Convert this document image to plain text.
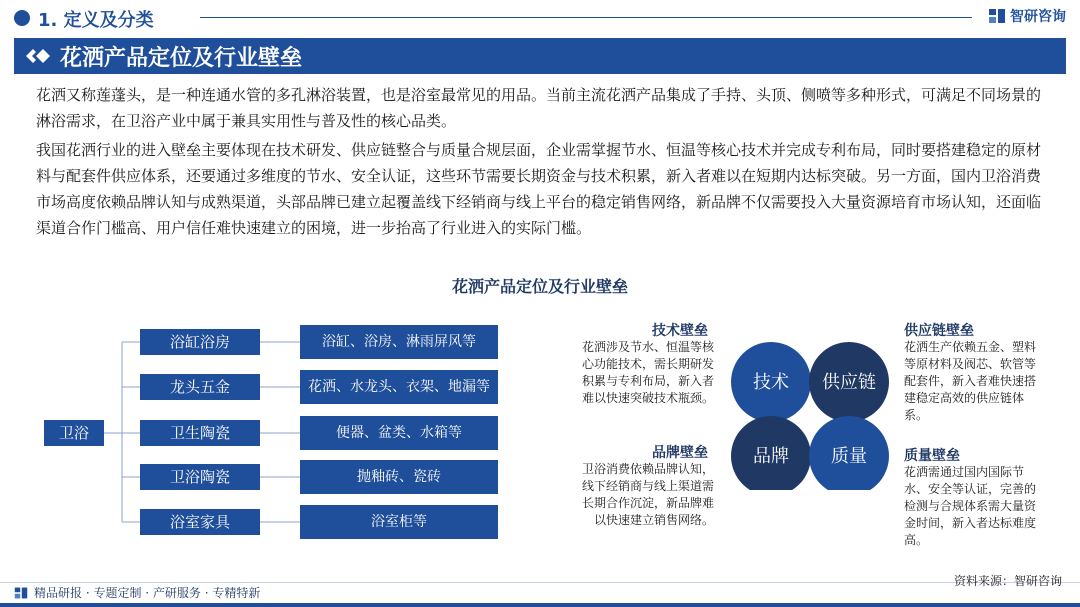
1. 定义及分类	智研咨询
花洒产品定位及行业壁垒

花洒又称莲蓬头，是一种连通水管的多孔淋浴装置，也是浴室最常见的用品。当前主流花洒产品集成了手持、头顶、侧喷等多种形式，可满足不同场景的淋浴需求，在卫浴产业中属于兼具实用性与普及性的核心品类。

我国花洒行业的进入壁垒主要体现在技术研发、供应链整合与质量合规层面，企业需掌握节水、恒温等核心技术并完成专利布局，同时要搭建稳定的原材料与配套件供应体系，还要通过多维度的节水、安全认证，这些环节需要长期资金与技术积累，新入者难以在短期内达标突破。另一方面，国内卫浴消费市场高度依赖品牌认知与成熟渠道，头部品牌已建立起覆盖线下经销商与线上平台的稳定销售网络，新品牌不仅需要投入大量资源培育市场认知，还面临渠道合作门槛高、用户信任难快速建立的困境，进一步抬高了行业进入的实际门槛。

花洒产品定位及行业壁垒
卫浴
浴缸浴房
龙头五金
卫生陶瓷
卫浴陶瓷
浴室家具
浴缸、浴房、淋雨屏风等
花洒、水龙头、衣架、地漏等
便器、盆类、水箱等
抛釉砖、瓷砖
浴室柜等
技术壁垒
花洒涉及节水、恒温等核心功能技术，需长期研发积累与专利布局，新入者难以快速突破技术瓶颈。
品牌壁垒
卫浴消费依赖品牌认知，线下经销商与线上渠道需长期合作沉淀，新品牌难以快速建立销售网络。
供应链壁垒
花洒生产依赖五金、塑料等原材料及阀芯、软管等配套件，新入者难快速搭建稳定高效的供应链体系。
质量壁垒
花洒需通过国内国际节水、安全等认证，完善的检测与合规体系需大量资金时间，新入者达标难度高。
技术 供应链
品牌 质量
资料来源：智研咨询
精品研报 · 专题定制 · 产研服务 · 专精特新
